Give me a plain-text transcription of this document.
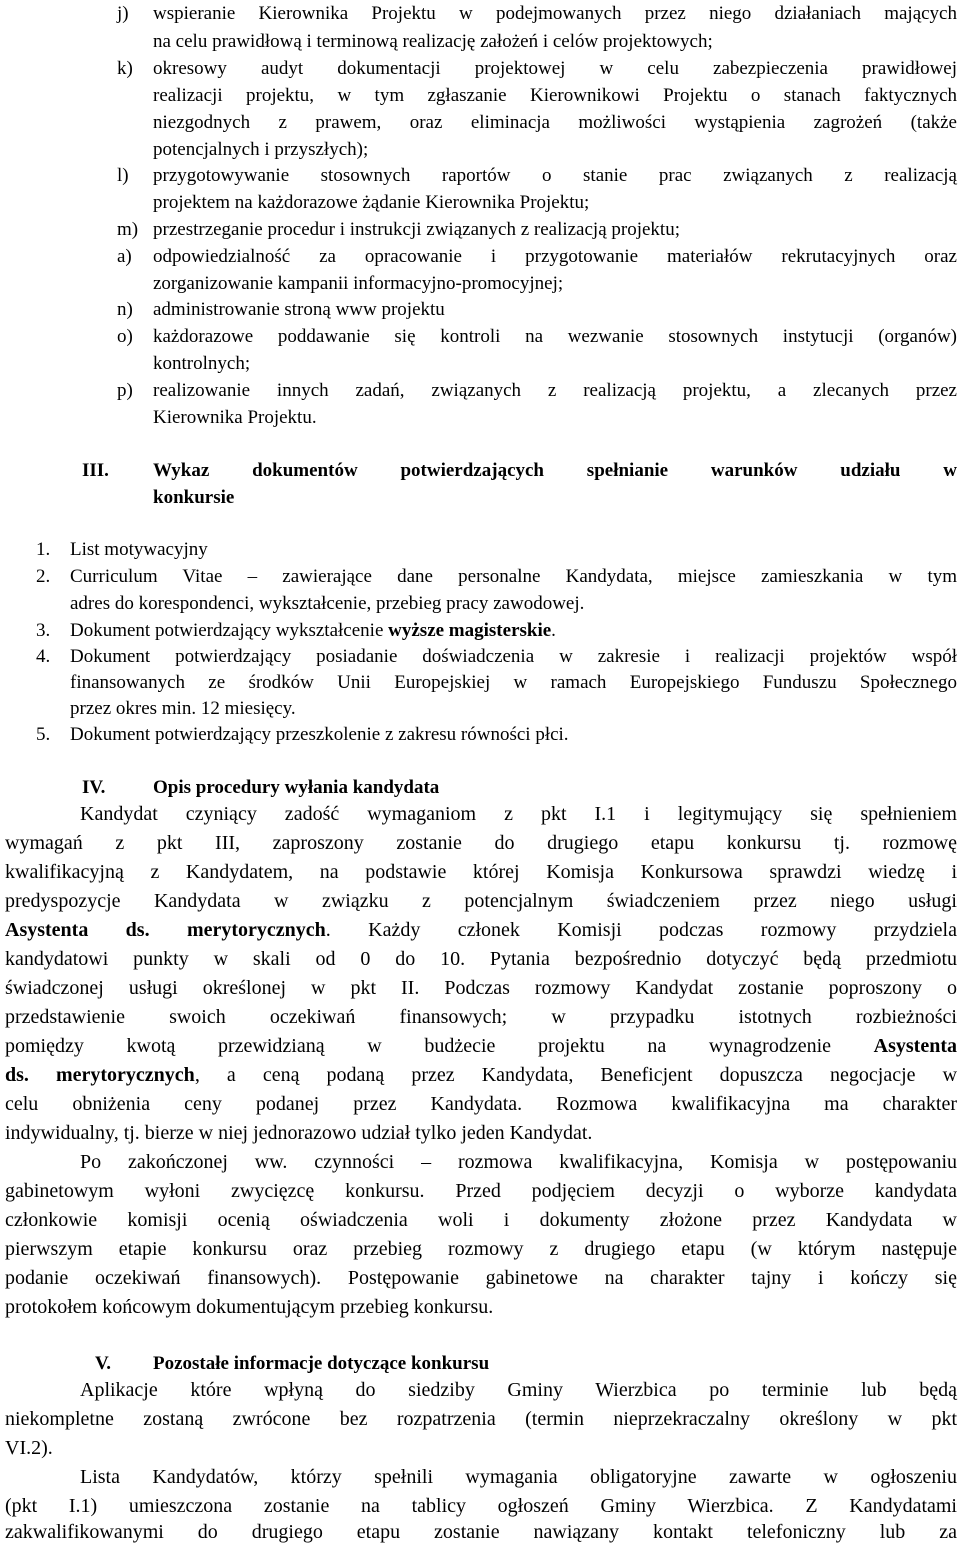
j) wspieranie Kierownika Projektu w podejmowanych przez niego działaniach mających
na celu prawidłową i terminową realizację założeń i celów projektowych;
k) okresowy audyt dokumentacji projektowej w celu zabezpieczenia prawidłowej
realizacji projektu, w tym zgłaszanie Kierownikowi Projektu o stanach faktycznych
niezgodnych z prawem, oraz eliminacja możliwości wystąpienia zagrożeń (także
potencjalnych i przyszłych);
l) przygotowywanie stosownych raportów o stanie prac związanych z realizacją
projektem na każdorazowe żądanie Kierownika Projektu;
m) przestrzeganie procedur i instrukcji związanych z realizacją projektu;
a) odpowiedzialność za opracowanie i przygotowanie materiałów rekrutacyjnych oraz
zorganizowanie kampanii informacyjno-promocyjnej;
n) administrowanie stroną www projektu
o) każdorazowe poddawanie się kontroli na wezwanie stosownych instytucji (organów)
kontrolnych;
p) realizowanie innych zadań, związanych z realizacją projektu, a zlecanych przez
Kierownika Projektu.
III. Wykaz dokumentów potwierdzających spełnianie warunków udziału w
konkursie
1. List motywacyjny
2. Curriculum Vitae – zawierające dane personalne Kandydata, miejsce zamieszkania w tym
adres do korespondenci, wykształcenie, przebieg pracy zawodowej.
3. Dokument potwierdzający wykształcenie wyższe magisterskie.
4. Dokument potwierdzający posiadanie doświadczenia w zakresie i realizacji projektów współ
finansowanych ze środków Unii Europejskiej w ramach Europejskiego Funduszu Społecznego
przez okres min. 12 miesięcy.
5. Dokument potwierdzający przeszkolenie z zakresu równości płci.
IV.	Opis procedury wyłania kandydata
Kandydat czyniący zadość wymaganiom z pkt I.1 i legitymujący się spełnieniem
wymagań z pkt III, zaproszony zostanie do drugiego etapu konkursu tj. rozmowę
kwalifikacyjną z Kandydatem, na podstawie której Komisja Konkursowa sprawdzi wiedzę i
predyspozycje Kandydata w związku z potencjalnym świadczeniem przez niego usługi
Asystenta ds. merytorycznych. Każdy członek Komisji podczas rozmowy przydziela
kandydatowi punkty w skali od 0 do 10. Pytania bezpośrednio dotyczyć będą przedmiotu
świadczonej usługi określonej w pkt II. Podczas rozmowy Kandydat zostanie poproszony o
przedstawienie swoich oczekiwań finansowych; w przypadku istotnych rozbieżności
pomiędzy kwotą przewidzianą w budżecie projektu na wynagrodzenie Asystenta
ds. merytorycznych, a ceną podaną przez Kandydata, Beneficjent dopuszcza negocjacje w
celu obniżenia ceny podanej przez Kandydata. Rozmowa kwalifikacyjna ma charakter
indywidualny, tj. bierze w niej jednorazowo udział tylko jeden Kandydat.
Po zakończonej ww. czynności – rozmowa kwalifikacyjna, Komisja w postępowaniu
gabinetowym wyłoni zwycięzcę konkursu. Przed podjęciem decyzji o wyborze kandydata
członkowie komisji ocenią oświadczenia woli i dokumenty złożone przez Kandydata w
pierwszym etapie konkursu oraz przebieg rozmowy z drugiego etapu (w którym następuje
podanie oczekiwań finansowych). Postępowanie gabinetowe na charakter tajny i kończy się
protokołem końcowym dokumentującym przebieg konkursu.
V. Pozostałe informacje dotyczące konkursu
Aplikacje które wpłyną do siedziby Gminy Wierzbica po terminie lub będą
niekompletne zostaną zwrócone bez rozpatrzenia (termin nieprzekraczalny określony w pkt
VI.2).
Lista Kandydatów, którzy spełnili wymagania obligatoryjne zawarte w ogłoszeniu
(pkt I.1) umieszczona zostanie na tablicy ogłoszeń Gminy Wierzbica. Z Kandydatami
zakwalifikowanymi do drugiego etapu zostanie nawiązany kontakt telefoniczny lub za
